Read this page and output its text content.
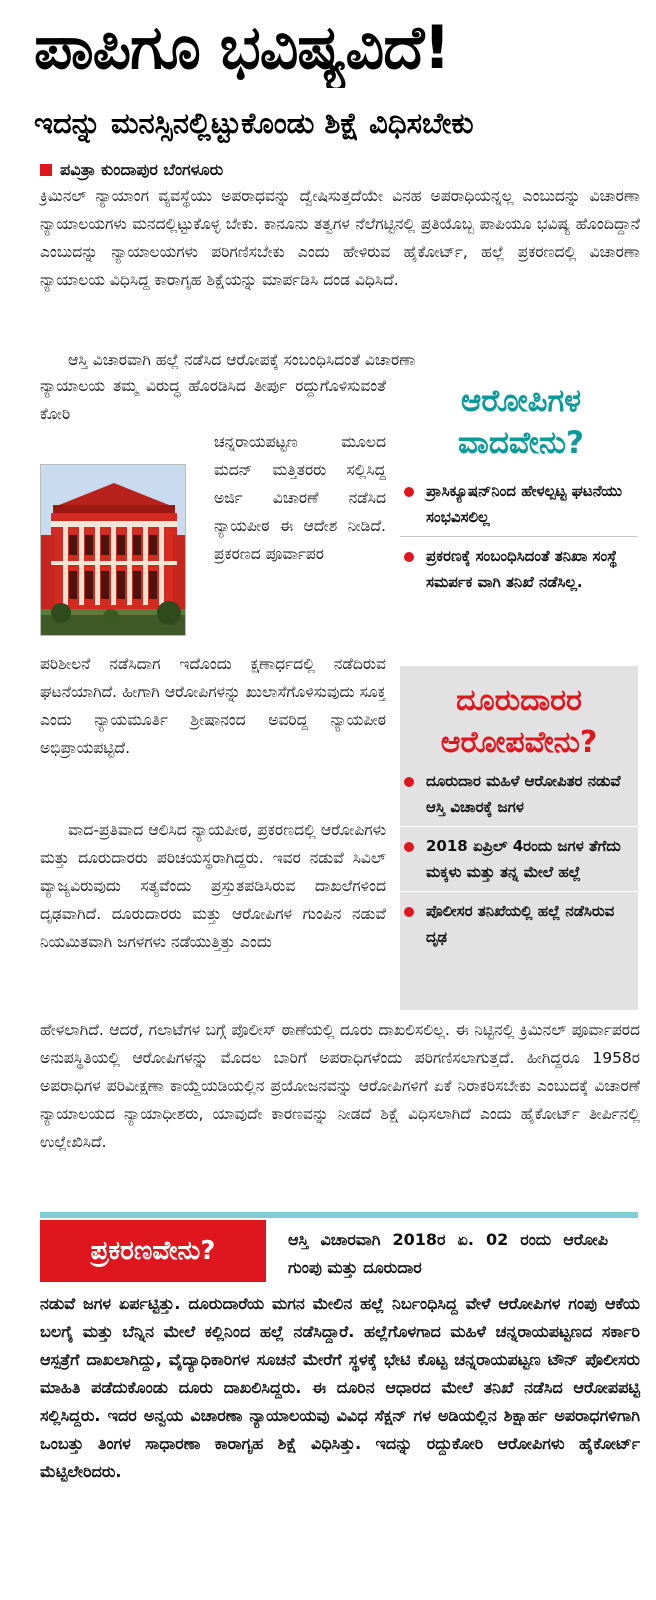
ಪಾಪಿಗೂ ಭವಿಷ್ಯವಿದೆ!
ಇದನ್ನು ಮನಸ್ಸಿನಲ್ಲಿಟ್ಟುಕೊಂಡು ಶಿಕ್ಷೆ ವಿಧಿಸಬೇಕು
ಪವಿತ್ರಾ ಕುಂದಾಪುರ ಬೆಂಗಳೂರು

ಕ್ರಿಮಿನಲ್ ನ್ಯಾಯಾಂಗ ವ್ಯವಸ್ಥೆಯು ಅಪರಾಧವನ್ನು ದ್ವೇಷಿಸುತ್ತದೆಯೇ ವಿನಹ ಅಪರಾಧಿಯನ್ನಲ್ಲ ಎಂಬುದನ್ನು ವಿಚಾರಣಾ ನ್ಯಾಯಾಲಯಗಳು ಮನದಲ್ಲಿಟ್ಟುಕೊಳ್ಳ ಬೇಕು. ಕಾನೂನು ತತ್ವಗಳ ನೆಲೆಗಟ್ಟಿನಲ್ಲಿ ಪ್ರತಿಯೊಬ್ಬ ಪಾಪಿಯೂ ಭವಿಷ್ಯ ಹೊಂದಿದ್ದಾನೆ ಎಂಬುದನ್ನು ನ್ಯಾಯಾಲಯಗಳು ಪರಿಗಣಿಸಬೇಕು ಎಂದು ಹೇಳಿರುವ ಹೈಕೋರ್ಟ್, ಹಲ್ಲೆ ಪ್ರಕರಣದಲ್ಲಿ ವಿಚಾರಣಾ ನ್ಯಾಯಾಲಯ ವಿಧಿಸಿದ್ದ ಕಾರಾಗೃಹ ಶಿಕ್ಷೆಯನ್ನು ಮಾರ್ಪಡಿಸಿ ದಂಡ ವಿಧಿಸಿದೆ.

ಆಸ್ತಿ ವಿಚಾರವಾಗಿ ಹಲ್ಲೆ ನಡೆಸಿದ ಆರೋಪಕ್ಕೆ ಸಂಬಂಧಿಸಿದಂತೆ ವಿಚಾರಣಾ

ನ್ಯಾಯಾಲಯ ತಮ್ಮ ವಿರುದ್ಧ ಹೊರಡಿಸಿದ ತೀರ್ಪು ರದ್ದುಗೊಳಿಸುವಂತೆ ಕೋರಿ

ಚನ್ನರಾಯಪಟ್ಟಣ ಮೂಲದ ಮದನ್ ಮತ್ತಿತರರು ಸಲ್ಲಿಸಿದ್ದ ಅರ್ಜಿ ವಿಚಾರಣೆ ನಡೆಸಿದ ನ್ಯಾಯಪೀಠ ಈ ಆದೇಶ ನೀಡಿದೆ. ಪ್ರಕರಣದ ಪೂರ್ವಾಪರ

ಪರಿಶೀಲನೆ ನಡೆಸಿದಾಗ ಇದೊಂದು ಕ್ಷಣಾರ್ಧದಲ್ಲಿ ನಡೆದಿರುವ ಘಟನೆಯಾಗಿದೆ. ಹೀಗಾಗಿ ಆರೋಪಿಗಳನ್ನು ಖುಲಾಸೆಗೊಳಿಸುವುದು ಸೂಕ್ತ ಎಂದು ನ್ಯಾಯಮೂರ್ತಿ ಶ್ರೀಷಾನಂದ ಅವರಿದ್ದ ನ್ಯಾಯಪೀಠ ಅಭಿಪ್ರಾಯಪಟ್ಟಿದೆ.

ವಾದ-ಪ್ರತಿವಾದ ಆಲಿಸಿದ ನ್ಯಾಯಪೀಠ, ಪ್ರಕರಣದಲ್ಲಿ ಆರೋಪಿಗಳು ಮತ್ತು ದೂರುದಾರರು ಪರಿಚಯಸ್ಥರಾಗಿದ್ದರು. ಇವರ ನಡುವೆ ಸಿವಿಲ್ ವ್ಯಾಜ್ಯವಿರುವುದು ಸತ್ಯವೆಂದು ಪ್ರಸ್ತುತಪಡಿಸಿರುವ ದಾಖಲೆಗಳಿಂದ ದೃಢವಾಗಿದೆ. ದೂರುದಾರರು ಮತ್ತು ಆರೋಪಿಗಳ ಗುಂಪಿನ ನಡುವೆ ನಿಯಮಿತವಾಗಿ ಜಗಳಗಳು ನಡೆಯುತ್ತಿತ್ತು ಎಂದು

ಹೇಳಲಾಗಿದೆ. ಆದರೆ, ಗಲಾಟೆಗಳ ಬಗ್ಗೆ ಪೊಲೀಸ್ ಠಾಣೆಯಲ್ಲಿ ದೂರು ದಾಖಲಿಸಲಿಲ್ಲ. ಈ ನಿಟ್ಟಿನಲ್ಲಿ ಕ್ರಿಮಿನಲ್ ಪೂರ್ವಾಪರದ ಅನುಪಸ್ಥಿತಿಯಲ್ಲಿ ಆರೋಪಿಗಳನ್ನು ಮೊದಲ ಬಾರಿಗೆ ಅಪರಾಧಿಗಳೆಂದು ಪರಿಗಣಿಸಲಾಗುತ್ತದೆ. ಹೀಗಿದ್ದರೂ 1958ರ ಅಪರಾಧಿಗಳ ಪರಿವೀಕ್ಷಣಾ ಕಾಯ್ದೆಯಡಿಯಲ್ಲಿನ ಪ್ರಯೋಜನವನ್ನು ಆರೋಪಿಗಳಿಗೆ ಏಕೆ ನಿರಾಕರಿಸಬೇಕು ಎಂಬುದಕ್ಕೆ ವಿಚಾರಣೆ ನ್ಯಾಯಾಲಯದ ನ್ಯಾಯಾಧೀಶರು, ಯಾವುದೇ ಕಾರಣವನ್ನು ನೀಡದೆ ಶಿಕ್ಷೆ ವಿಧಿಸಲಾಗಿದೆ ಎಂದು ಹೈಕೋರ್ಟ್ ತೀರ್ಪಿನಲ್ಲಿ ಉಲ್ಲೇಖಿಸಿದೆ.

ಆರೋಪಿಗಳ ವಾದವೇನು?
ಪ್ರಾಸಿಕ್ಯೂಷನ್‌ನಿಂದ ಹೇಳಲ್ಪಟ್ಟ ಘಟನೆಯು ಸಂಭವಿಸಲಿಲ್ಲ
ಪ್ರಕರಣಕ್ಕೆ ಸಂಬಂಧಿಸಿದಂತೆ ತನಿಖಾ ಸಂಸ್ಥೆ ಸಮರ್ಪಕ ವಾಗಿ ತನಿಖೆ ನಡೆಸಿಲ್ಲ.
ದೂರುದಾರರ ಆರೋಪವೇನು?
ದೂರುದಾರ ಮಹಿಳೆ ಆರೋಪಿತರ ನಡುವೆ ಆಸ್ತಿ ವಿಚಾರಕ್ಕೆ ಜಗಳ
2018 ಏಪ್ರಿಲ್ 4ರಂದು ಜಗಳ ತೆಗೆದು ಮಕ್ಕಳು ಮತ್ತು ತನ್ನ ಮೇಲೆ ಹಲ್ಲೆ
ಪೊಲೀಸರ ತನಿಖೆಯಲ್ಲಿ ಹಲ್ಲೆ ನಡೆಸಿರುವ ದೃಢ
ಪ್ರಕರಣವೇನು?	ಆಸ್ತಿ ವಿಚಾರವಾಗಿ 2018ರ ಏ. 02 ರಂದು ಆರೋಪಿ ಗುಂಪು ಮತ್ತು ದೂರುದಾರ

ನಡುವೆ ಜಗಳ ಏರ್ಪಟ್ಟಿತ್ತು. ದೂರುದಾರೆಯ ಮಗನ ಮೇಲಿನ ಹಲ್ಲೆ ನಿರ್ಬಂಧಿಸಿದ್ದ ವೇಳೆ ಆರೋಪಿಗಳ ಗಂಪು ಆಕೆಯ ಬಲಗೈ ಮತ್ತು ಬೆನ್ನಿನ ಮೇಲೆ ಕಲ್ಲಿನಿಂದ ಹಲ್ಲೆ ನಡೆಸಿದ್ದಾರೆ. ಹಲ್ಲೆಗೊಳಗಾದ ಮಹಿಳೆ ಚನ್ನರಾಯಪಟ್ಟಣದ ಸರ್ಕಾರಿ ಆಸ್ಪತ್ರೆಗೆ ದಾಖಲಾಗಿದ್ದು, ವೈದ್ಯಾಧಿಕಾರಿಗಳ ಸೂಚನೆ ಮೇರೆಗೆ ಸ್ಥಳಕ್ಕೆ ಭೇಟಿ ಕೊಟ್ಟ ಚನ್ನರಾಯಪಟ್ಟಣ ಟೌನ್ ಪೊಲೀಸರು ಮಾಹಿತಿ ಪಡೆದುಕೊಂಡು ದೂರು ದಾಖಲಿಸಿದ್ದರು. ಈ ದೂರಿನ ಆಧಾರದ ಮೇಲೆ ತನಿಖೆ ನಡೆಸಿದ ಆರೋಪಪಟ್ಟಿ ಸಲ್ಲಿಸಿದ್ದರು. ಇದರ ಅನ್ವಯ ವಿಚಾರಣಾ ನ್ಯಾಯಾಲಯವು ವಿವಿಧ ಸೆಕ್ಷನ್ ಗಳ ಅಡಿಯಲ್ಲಿನ ಶಿಕ್ಷಾರ್ಹ ಅಪರಾಧಗಳಿಗಾಗಿ ಒಂಬತ್ತು ತಿಂಗಳ ಸಾಧಾರಣಾ ಕಾರಾಗೃಹ ಶಿಕ್ಷೆ ವಿಧಿಸಿತ್ತು. ಇದನ್ನು ರದ್ದುಕೋರಿ ಆರೋಪಿಗಳು ಹೈಕೋರ್ಟ್ ಮೆಟ್ಟಿಲೇರಿದರು.
